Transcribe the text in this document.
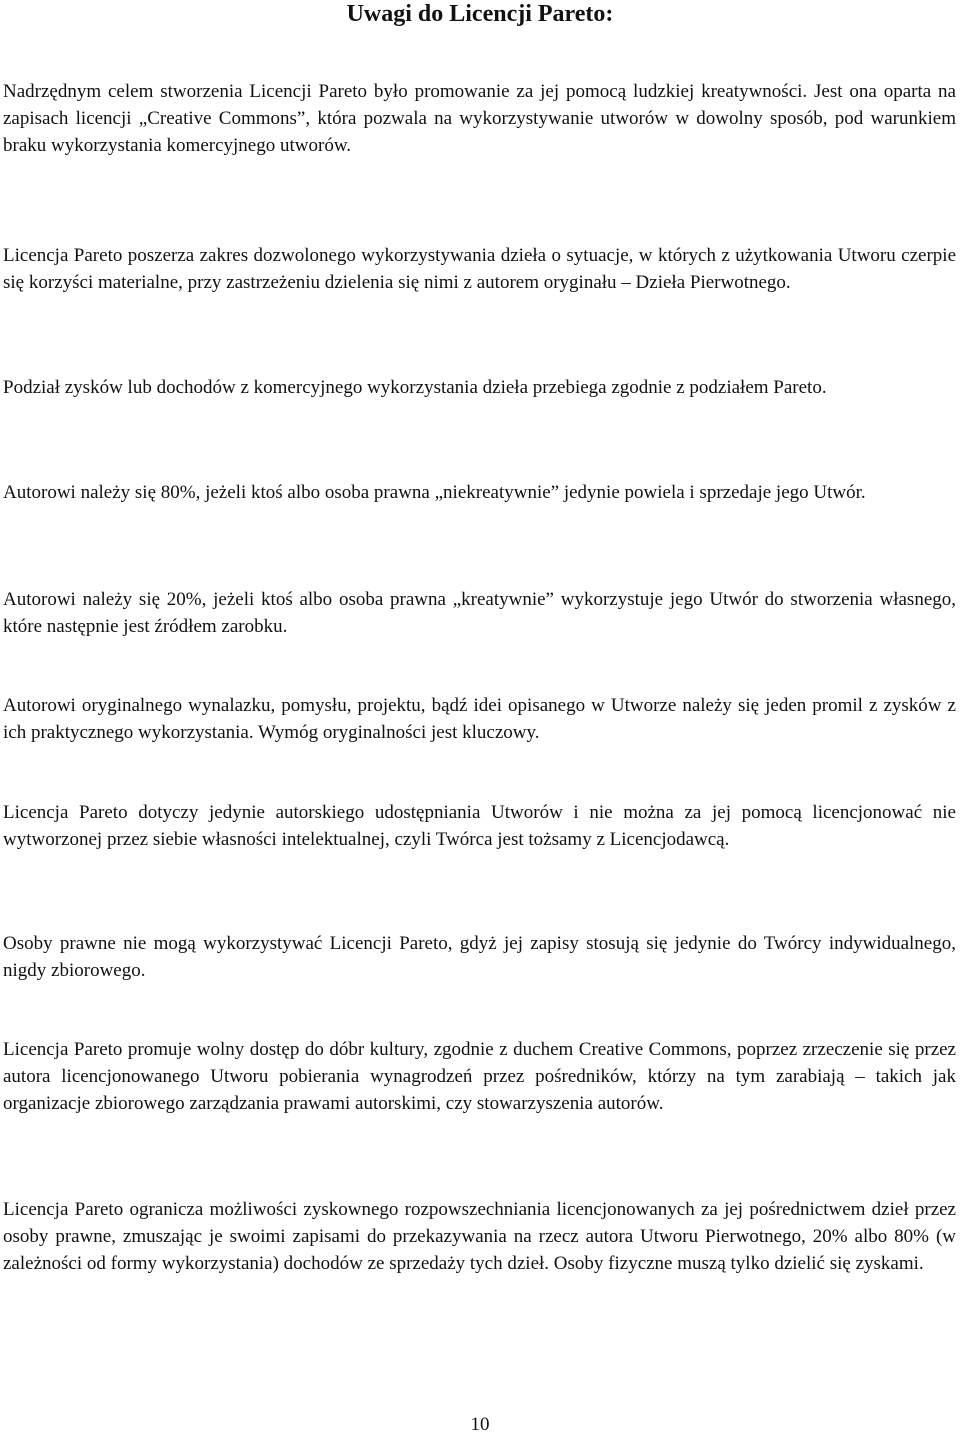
Uwagi do Licencji Pareto:

Nadrzędnym celem stworzenia Licencji Pareto było promowanie za jej pomocą ludzkiej kreatywności. Jest ona oparta na zapisach licencji „Creative Commons”, która pozwala na wykorzystywanie utworów w dowolny sposób, pod warunkiem braku wykorzystania komercyjnego utworów.

Licencja Pareto poszerza zakres dozwolonego wykorzystywania dzieła o sytuacje, w których z użytkowania Utworu czerpie się korzyści materialne, przy zastrzeżeniu dzielenia się nimi z autorem oryginału – Dzieła Pierwotnego.

Podział zysków lub dochodów z komercyjnego wykorzystania dzieła przebiega zgodnie z podziałem Pareto.

Autorowi należy się 80%, jeżeli ktoś albo osoba prawna „niekreatywnie” jedynie powiela i sprzedaje jego Utwór.

Autorowi należy się 20%, jeżeli ktoś albo osoba prawna „kreatywnie” wykorzystuje jego Utwór do stworzenia własnego, które następnie jest źródłem zarobku.

Autorowi oryginalnego wynalazku, pomysłu, projektu, bądź idei opisanego w Utworze należy się jeden promil z zysków z ich praktycznego wykorzystania. Wymóg oryginalności jest kluczowy.

Licencja Pareto dotyczy jedynie autorskiego udostępniania Utworów i nie można za jej pomocą licencjonować nie wytworzonej przez siebie własności intelektualnej, czyli Twórca jest tożsamy z Licencjodawcą.

Osoby prawne nie mogą wykorzystywać Licencji Pareto, gdyż jej zapisy stosują się jedynie do Twórcy indywidualnego, nigdy zbiorowego.

Licencja Pareto promuje wolny dostęp do dóbr kultury, zgodnie z duchem Creative Commons, poprzez zrzeczenie się przez autora licencjonowanego Utworu pobierania wynagrodzeń przez pośredników, którzy na tym zarabiają – takich jak organizacje zbiorowego zarządzania prawami autorskimi, czy stowarzyszenia autorów.

Licencja Pareto ogranicza możliwości zyskownego rozpowszechniania licencjonowanych za jej pośrednictwem dzieł przez osoby prawne, zmuszając je swoimi zapisami do przekazywania na rzecz autora Utworu Pierwotnego, 20% albo 80% (w zależności od formy wykorzystania) dochodów ze sprzedaży tych dzieł. Osoby fizyczne muszą tylko dzielić się zyskami.

10
